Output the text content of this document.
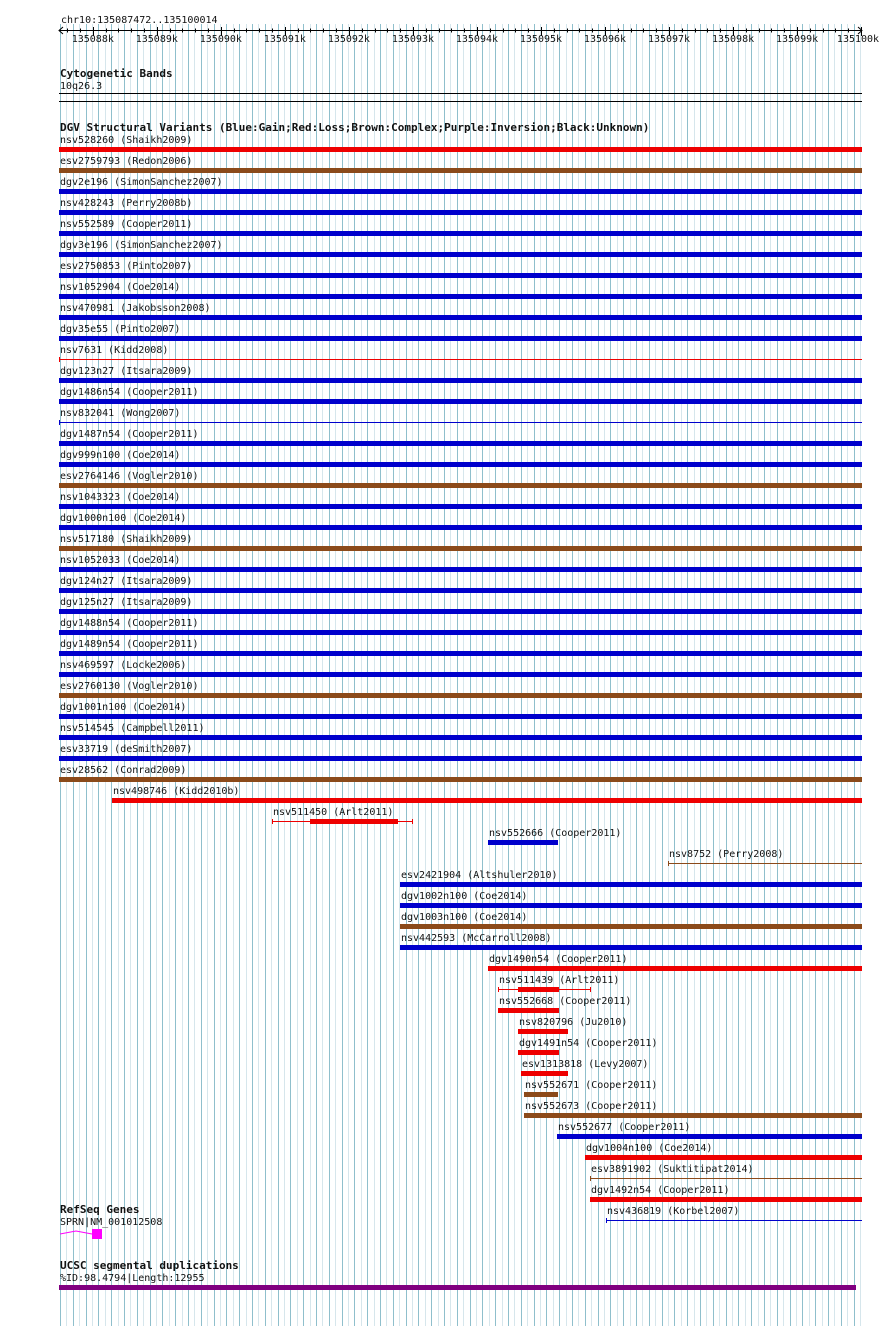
chr10:135087472..135100014
135088k 135089k 135090k 135091k 135092k 135093k 135094k 135095k 135096k 135097k 135098k 135099k 135100k
Cytogenetic Bands
10q26.3
DGV Structural Variants (Blue:Gain;Red:Loss;Brown:Complex;Purple:Inversion;Black:Unknown)
nsv528260 (Shaikh2009)
esv2759793 (Redon2006)
dgv2e196 (SimonSanchez2007)
nsv428243 (Perry2008b)
nsv552589 (Cooper2011)
dgv3e196 (SimonSanchez2007)
esv2750853 (Pinto2007)
nsv1052904 (Coe2014)
nsv470981 (Jakobsson2008)
dgv35e55 (Pinto2007)
nsv7631 (Kidd2008)
dgv123n27 (Itsara2009)
dgv1486n54 (Cooper2011)
nsv832041 (Wong2007)
dgv1487n54 (Cooper2011)
dgv999n100 (Coe2014)
esv2764146 (Vogler2010)
nsv1043323 (Coe2014)
dgv1000n100 (Coe2014)
nsv517180 (Shaikh2009)
nsv1052033 (Coe2014)
dgv124n27 (Itsara2009)
dgv125n27 (Itsara2009)
dgv1488n54 (Cooper2011)
dgv1489n54 (Cooper2011)
nsv469597 (Locke2006)
esv2760130 (Vogler2010)
dgv1001n100 (Coe2014)
nsv514545 (Campbell2011)
esv33719 (deSmith2007)
esv28562 (Conrad2009)
nsv498746 (Kidd2010b)
nsv511450 (Arlt2011)
nsv552666 (Cooper2011)
nsv8752 (Perry2008)
esv2421904 (Altshuler2010)
dgv1002n100 (Coe2014)
dgv1003n100 (Coe2014)
nsv442593 (McCarroll2008)
dgv1490n54 (Cooper2011)
nsv511439 (Arlt2011)
nsv552668 (Cooper2011)
nsv820796 (Ju2010)
dgv1491n54 (Cooper2011)
esv1313818 (Levy2007)
nsv552671 (Cooper2011)
nsv552673 (Cooper2011)
nsv552677 (Cooper2011)
dgv1004n100 (Coe2014)
esv3891902 (Suktitipat2014)
dgv1492n54 (Cooper2011)
nsv436819 (Korbel2007)
RefSeq Genes
SPRN|NM_001012508
UCSC segmental duplications
%ID:98.4794|Length:12955
